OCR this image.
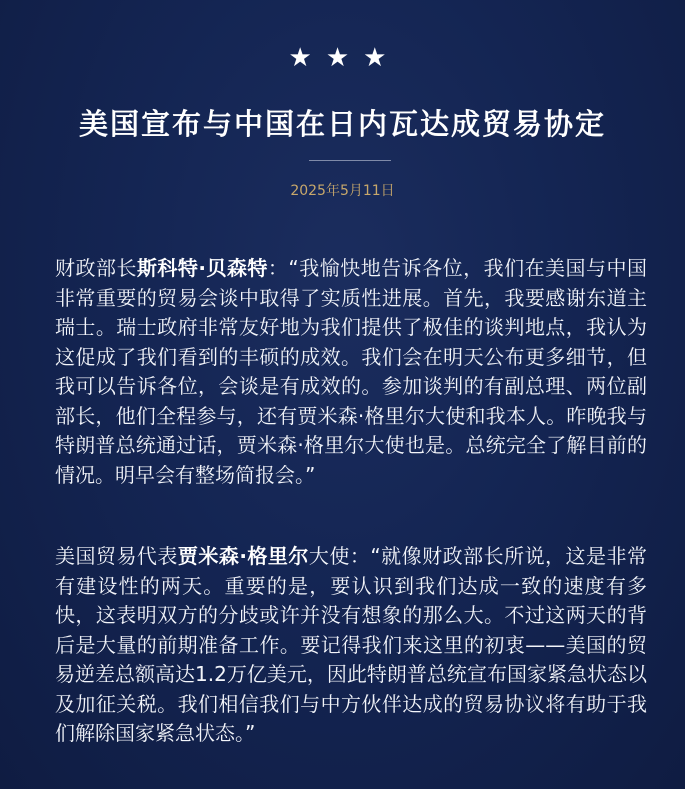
★ ★ ★
美国宣布与中国在日内瓦达成贸易协定
2025年5月11日

财政部长斯科特·贝森特：“我愉快地告诉各位，我们在美国与中国非常重要的贸易会谈中取得了实质性进展。首先，我要感谢东道主瑞士。瑞士政府非常友好地为我们提供了极佳的谈判地点，我认为这促成了我们看到的丰硕的成效。我们会在明天公布更多细节，但我可以告诉各位，会谈是有成效的。参加谈判的有副总理、两位副部长，他们全程参与，还有贾米森·格里尔大使和我本人。昨晚我与特朗普总统通过话，贾米森·格里尔大使也是。总统完全了解目前的情况。明早会有整场简报会。”

美国贸易代表贾米森·格里尔大使：“就像财政部长所说，这是非常有建设性的两天。重要的是，要认识到我们达成一致的速度有多快，这表明双方的分歧或许并没有想象的那么大。不过这两天的背后是大量的前期准备工作。要记得我们来这里的初衷——美国的贸易逆差总额高达1.2万亿美元，因此特朗普总统宣布国家紧急状态以及加征关税。我们相信我们与中方伙伴达成的贸易协议将有助于我们解除国家紧急状态。”
